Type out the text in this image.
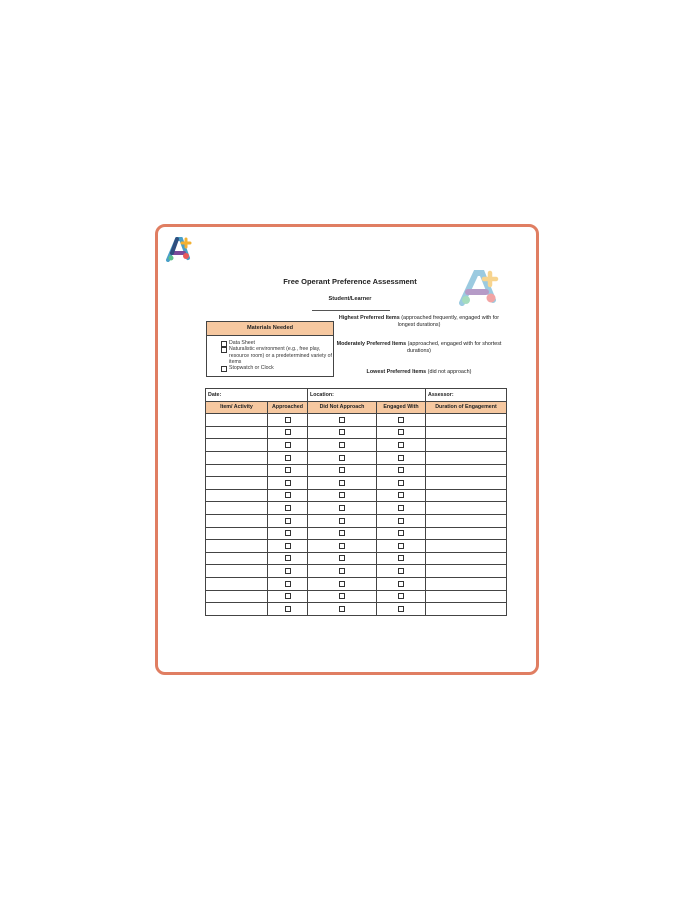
Free Operant Preference Assessment
Student/Learner
Highest Preferred Items (approached frequently, engaged with for longest durations)
Moderately Preferred Items (approached, engaged with for shortest durations)
Lowest Preferred Items (did not approach)
Materials Needed
Data Sheet
Naturalistic environment (e.g., free play, resource room) or a predetermined variety of items
Stopwatch or Clock
Date:		Location:		Assessor:
Item/ Activity	Approached	Did Not Approach	Engaged With	Duration of Engagement
